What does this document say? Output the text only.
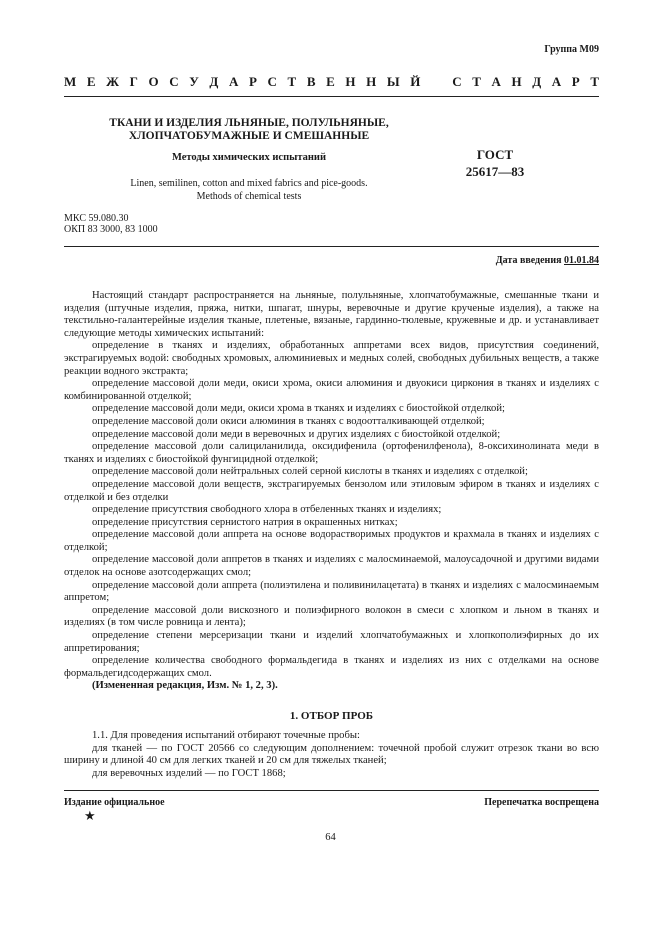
Группа М09
М Е Ж Г О С У Д А Р С Т В Е Н Н Ы Й С Т А Н Д А Р Т
ТКАНИ И ИЗДЕЛИЯ ЛЬНЯНЫЕ, ПОЛУЛЬНЯНЫЕ,
ХЛОПЧАТОБУМАЖНЫЕ И СМЕШАННЫЕ
Методы химических испытаний	ГОСТ
25617—83
Linen, semilinen, cotton and mixed fabrics and pice-goods.
Methods of chemical tests
МКС 59.080.30
ОКП 83 3000, 83 1000
Дата введения 01.01.84

Настоящий стандарт распространяется на льняные, полульняные, хлопчатобумажные, смешанные ткани и изделия (штучные изделия, пряжа, нитки, шпагат, шнуры, веревочные и другие крученые изделия), а также на текстильно-галантерейные изделия тканые, плетеные, вязаные, гардинно-тюлевые, кружевные и др. и устанавливает следующие методы химических испытаний:

определение в тканях и изделиях, обработанных аппретами всех видов, присутствия соединений, экстрагируемых водой: свободных хромовых, алюминиевых и медных солей, свободных дубильных веществ, а также реакции водного экстракта;

определение массовой доли меди, окиси хрома, окиси алюминия и двуокиси циркония в тканях и изделиях с комбинированной отделкой;

определение массовой доли меди, окиси хрома в тканях и изделиях с биостойкой отделкой;

определение массовой доли окиси алюминия в тканях с водоотталкивающей отделкой;

определение массовой доли меди в веревочных и других изделиях с биостойкой отделкой;

определение массовой доли салициланилида, оксидифенила (ортофенилфенола), 8-оксихинолината меди в тканях и изделиях с биостойкой фунгицидной отделкой;

определение массовой доли нейтральных солей серной кислоты в тканях и изделиях с отделкой;

определение массовой доли веществ, экстрагируемых бензолом или этиловым эфиром в тканях и изделиях с отделкой и без отделки

определение присутствия свободного хлора в отбеленных тканях и изделиях;

определение присутствия сернистого натрия в окрашенных нитках;

определение массовой доли аппрета на основе водорастворимых продуктов и крахмала в тканях и изделиях с отделкой;

определение массовой доли аппретов в тканях и изделиях с малосминаемой, малоусадочной и другими видами отделок на основе азотсодержащих смол;

определение массовой доли аппрета (полиэтилена и поливинилацетата) в тканях и изделиях с малосминаемым аппретом;

определение массовой доли вискозного и полиэфирного волокон в смеси с хлопком и льном в тканях и изделиях (в том числе ровница и лента);

определение степени мерсеризации ткани и изделий хлопчатобумажных и хлопкополиэфирных до их аппретирования;

определение количества свободного формальдегида в тканях и изделиях из них с отделками на основе формальдегидсодержащих смол.

(Измененная редакция, Изм. № 1, 2, 3).

1. ОТБОР ПРОБ

1.1. Для проведения испытаний отбирают точечные пробы:

для тканей — по ГОСТ 20566 со следующим дополнением: точечной пробой служит отрезок ткани во всю ширину и длиной 40 см для легких тканей и 20 см для тяжелых тканей;

для веревочных изделий — по ГОСТ 1868;

Издание официальное	Перепечатка воспрещена
★
64
